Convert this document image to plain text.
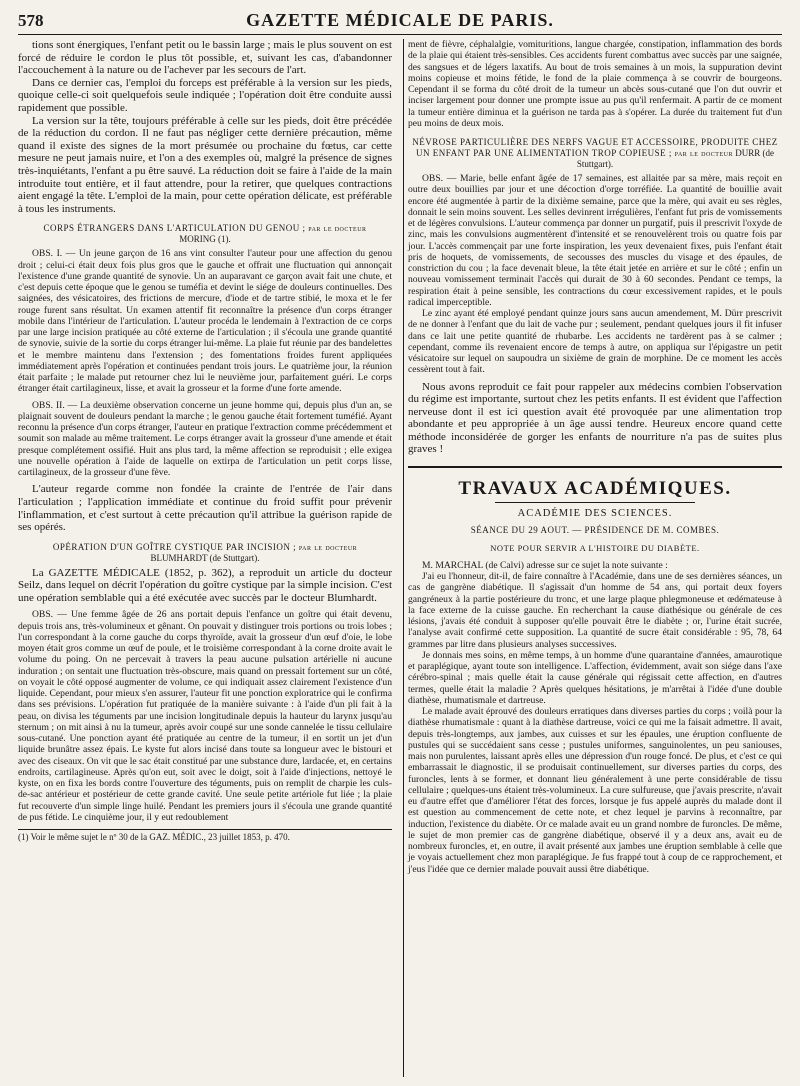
578	GAZETTE MÉDICALE DE PARIS.

tions sont énergiques, l'enfant petit ou le bassin large ; mais le plus souvent on est forcé de réduire le cordon le plus tôt possible, et, suivant les cas, d'abandonner l'accouchement à la nature ou de l'achever par les secours de l'art.

Dans ce dernier cas, l'emploi du forceps est préférable à la version sur les pieds, quoique celle-ci soit quelquefois seule indiquée ; l'opération doit être conduite aussi rapidement que possible.

La version sur la tête, toujours préférable à celle sur les pieds, doit être précédée de la réduction du cordon. Il ne faut pas négliger cette dernière précaution, même quand il existe des signes de la mort présumée ou prochaine du fœtus, car cette mesure ne peut jamais nuire, et l'on a des exemples où, malgré la présence de signes très-inquiétants, l'enfant a pu être sauvé. La réduction doit se faire à l'aide de la main introduite tout entière, et il faut attendre, pour la retirer, que quelques contractions aient engagé la tête. L'emploi de la main, pour cette opération délicate, est préférable à tous les instruments.

CORPS ÉTRANGERS DANS L'ARTICULATION DU GENOU ; par le docteur
MORING (1).

OBS. I. — Un jeune garçon de 16 ans vint consulter l'auteur pour une affection du genou droit ; celui-ci était deux fois plus gros que le gauche et offrait une fluctuation qui annonçait l'existence d'une grande quantité de synovie. Un an auparavant ce garçon avait fait une chute, et c'est depuis cette époque que le genou se tuméfia et devint le siége de douleurs continuelles. Des saignées, des vésicatoires, des frictions de mercure, d'iode et de tartre stibié, le moxa et le fer rouge furent sans résultat. Un examen attentif fit reconnaître la présence d'un corps étranger mobile dans l'intérieur de l'articulation. L'auteur procéda le lendemain à l'extraction de ce corps par une large incision pratiquée au côté externe de l'articulation ; il s'écoula une grande quantité de synovie, suivie de la sortie du corps étranger lui-même. La plaie fut réunie par des bandelettes et le membre maintenu dans l'extension ; des fomentations froides furent appliquées immédiatement après l'opération et continuées pendant trois jours. Le quatrième jour, la réunion était parfaite ; le malade put retourner chez lui le neuvième jour, parfaitement guéri. Le corps étranger était cartilagineux, lisse, et avait la grosseur et la forme d'une forte amende.

OBS. II. — La deuxième observation concerne un jeune homme qui, depuis plus d'un an, se plaignait souvent de douleurs pendant la marche ; le genou gauche était fortement tuméfié. Ayant reconnu la présence d'un corps étranger, l'auteur en pratique l'extraction comme précédemment et soumit son malade au même traitement. Le corps étranger avait la grosseur d'une amende et était presque complétement ossifié. Huit ans plus tard, la même affection se reproduisit ; elle exigea une nouvelle opération à l'aide de laquelle on extirpa de l'articulation un petit corps lisse, cartilagineux, de la grosseur d'une fève.

L'auteur regarde comme non fondée la crainte de l'entrée de l'air dans l'articulation ; l'application immédiate et continue du froid suffit pour prévenir l'inflammation, et c'est surtout à cette précaution qu'il attribue la guérison rapide de ses opérés.

OPÉRATION D'UN GOÎTRE CYSTIQUE PAR INCISION ; par le docteur
BLUMHARDT (de Stuttgart).

La GAZETTE MÉDICALE (1852, p. 362), a reproduit un article du docteur Seilz, dans lequel on décrit l'opération du goître cystique par la simple incision. C'est une opération semblable qui a été exécutée avec succès par le docteur Blumhardt.

OBS. — Une femme âgée de 26 ans portait depuis l'enfance un goître qui était devenu, depuis trois ans, très-volumineux et gênant. On pouvait y distinguer trois portions ou trois lobes ; l'un correspondant à la corne gauche du corps thyroïde, avait la grosseur d'un œuf d'oie, le lobe moyen était gros comme un œuf de poule, et le troisième correspondant à la corne droite avait le volume du poing. On ne percevait à travers la peau aucune pulsation artérielle ni aucune induration ; on sentait une fluctuation très-obscure, mais quand on pressait fortement sur un côté, on voyait le côté opposé augmenter de volume, ce qui indiquait assez clairement l'existence d'un liquide. Cependant, pour mieux s'en assurer, l'auteur fit une ponction exploratrice qui le confirma dans ses prévisions. L'opération fut pratiquée de la manière suivante : à l'aide d'un pli fait à la peau, on divisa les téguments par une incision longitudinale depuis la hauteur du larynx jusqu'au sternum ; on mit ainsi à nu la tumeur, après avoir coupé sur une sonde cannelée le tissu cellulaire sous-cutané. Une ponction ayant été pratiquée au centre de la tumeur, il en sortit un jet d'un liquide brunâtre assez épais. Le kyste fut alors incisé dans toute sa longueur avec le bistouri et avec des ciseaux. On vit que le sac était constitué par une substance dure, lardacée, et, en certains endroits, cartilagineuse. Après qu'on eut, soit avec le doigt, soit à l'aide d'injections, nettoyé le kyste, on en fixa les bords contre l'ouverture des téguments, puis on remplit de charpie les culs-de-sac antérieur et postérieur de cette grande cavité. Une seule petite artériole fut liée ; la plaie fut recouverte d'un simple linge huilé. Pendant les premiers jours il s'écoula une grande quantité de pus fétide. Le cinquième jour, il y eut redoublement

(1) Voir le même sujet le nº 30 de la GAZ. MÉDIC., 23 juillet 1853, p. 470.

ment de fièvre, céphalalgie, vomituritions, langue chargée, constipation, inflammation des bords de la plaie qui étaient très-sensibles. Ces accidents furent combattus avec succès par une saignée, des sangsues et de légers laxatifs. Au bout de trois semaines à un mois, la suppuration devint moins copieuse et moins fétide, le fond de la plaie commença à se couvrir de bourgeons. Cependant il se forma du côté droit de la tumeur un abcès sous-cutané que l'on dut ouvrir et inciser largement pour donner une prompte issue au pus qu'il renfermait. A partir de ce moment la tumeur entière diminua et la guérison ne tarda pas à s'opérer. La durée du traitement fut d'un peu moins de deux mois.

NÉVROSE PARTICULIÈRE DES NERFS VAGUE ET ACCESSOIRE, PRODUITE CHEZ UN ENFANT PAR UNE ALIMENTATION TROP COPIEUSE ; par le docteur DURR (de Stuttgart).

OBS. — Marie, belle enfant âgée de 17 semaines, est allaitée par sa mère, mais reçoit en outre deux bouillies par jour et une décoction d'orge torréfiée. La quantité de bouillie avait encore été augmentée à partir de la dixième semaine, parce que la mère, qui avait eu ses règles, donnait le sein moins souvent. Les selles devinrent irrégulières, l'enfant fut pris de vomissements et de légères convulsions. L'auteur commença par donner un purgatif, puis il prescrivit l'oxyde de zinc, mais les convulsions augmentèrent d'intensité et se renouvelèrent trois ou quatre fois par jour. L'accès commençait par une forte inspiration, les yeux devenaient fixes, puis l'enfant était pris de hoquets, de vomissements, de secousses des muscles du visage et des épaules, de constriction du cou ; la face devenait bleue, la tête était jetée en arrière et sur le côté ; enfin un nouveau vomissement terminait l'accès qui durait de 30 à 60 secondes. Pendant ce temps, la respiration était à peine sensible, les contractions du cœur excessivement rapides, et le pouls radical imperceptible.

Le zinc ayant été employé pendant quinze jours sans aucun amendement, M. Dürr prescrivit de ne donner à l'enfant que du lait de vache pur ; seulement, pendant quelques jours il fit infuser dans ce lait une petite quantité de rhubarbe. Les accidents ne tardèrent pas à se calmer ; cependant, comme ils revenaient encore de temps à autre, on appliqua sur l'épigastre un petit vésicatoire sur lequel on saupoudra un sixième de grain de morphine. De ce moment les accès cessèrent tout à fait.

Nous avons reproduit ce fait pour rappeler aux médecins combien l'observation du régime est importante, surtout chez les petits enfants. Il est évident que l'affection nerveuse dont il est ici question avait été provoquée par une alimentation trop abondante et peu appropriée à un âge aussi tendre. Heureux encore quand cette méthode inconsidérée de gorger les enfants de nourriture n'a pas de suites plus graves !

TRAVAUX ACADÉMIQUES.
ACADÉMIE DES SCIENCES.
SÉANCE DU 29 AOUT. — PRÉSIDENCE DE M. COMBES.
NOTE POUR SERVIR A L'HISTOIRE DU DIABÈTE.

M. MARCHAL (de Calvi) adresse sur ce sujet la note suivante :

J'ai eu l'honneur, dit-il, de faire connaître à l'Académie, dans une de ses dernières séances, un cas de gangrène diabétique. Il s'agissait d'un homme de 54 ans, qui portait deux foyers gangréneux à la partie postérieure du tronc, et une large plaque phlegmoneuse et œdémateuse à la face externe de la cuisse gauche. En recherchant la cause diathésique ou générale de ces lésions, j'avais été conduit à supposer qu'elle pouvait être le diabète ; or, l'urine était sucrée, l'analyse avait confirmé cette supposition. La quantité de sucre était considérable : 95, 78, 64 grammes par litre dans plusieurs analyses successives.

Je donnais mes soins, en même temps, à un homme d'une quarantaine d'années, amaurotique et paraplégique, ayant toute son intelligence. L'affection, évidemment, avait son siége dans l'axe cérébro-spinal ; mais quelle était la cause générale qui régissait cette affection, en d'autres termes, quelle était la maladie ? Après quelques hésitations, je m'arrêtai à l'idée d'une double diathèse, rhumatismale et dartreuse.

Le malade avait éprouvé des douleurs erratiques dans diverses parties du corps ; voilà pour la diathèse rhumatismale : quant à la diathèse dartreuse, voici ce qui me la faisait admettre. Il avait, depuis très-longtemps, aux jambes, aux cuisses et sur les épaules, une éruption confluente de pustules qui se succédaient sans cesse ; pustules uniformes, sanguinolentes, un peu saniouses, mais non purulentes, laissant après elles une dépression d'un rouge foncé. De plus, et c'est ce qui embarrassait le diagnostic, il se produisait continuellement, sur diverses parties du corps, des furoncles, lents à se former, et donnant lieu généralement à une perte considérable de tissu cellulaire ; quelques-uns étaient très-volumineux. La cure sulfureuse, que j'avais prescrite, n'avait eu d'autre effet que d'améliorer l'état des forces, lorsque je fus appelé auprès du malade dont il est question au commencement de cette note, et chez lequel je parvins à reconnaître, par induction, l'existence du diabète. Or ce malade avait eu un grand nombre de furoncles. De même, le sujet de mon premier cas de gangrène diabétique, observé il y a deux ans, avait eu de nombreux furoncles, et, en outre, il avait présenté aux jambes une éruption semblable à celle que je voyais actuellement chez mon paraplégique. Je fus frappé tout à coup de ce rapprochement, et j'eus l'idée que ce dernier malade pouvait aussi être diabétique.
